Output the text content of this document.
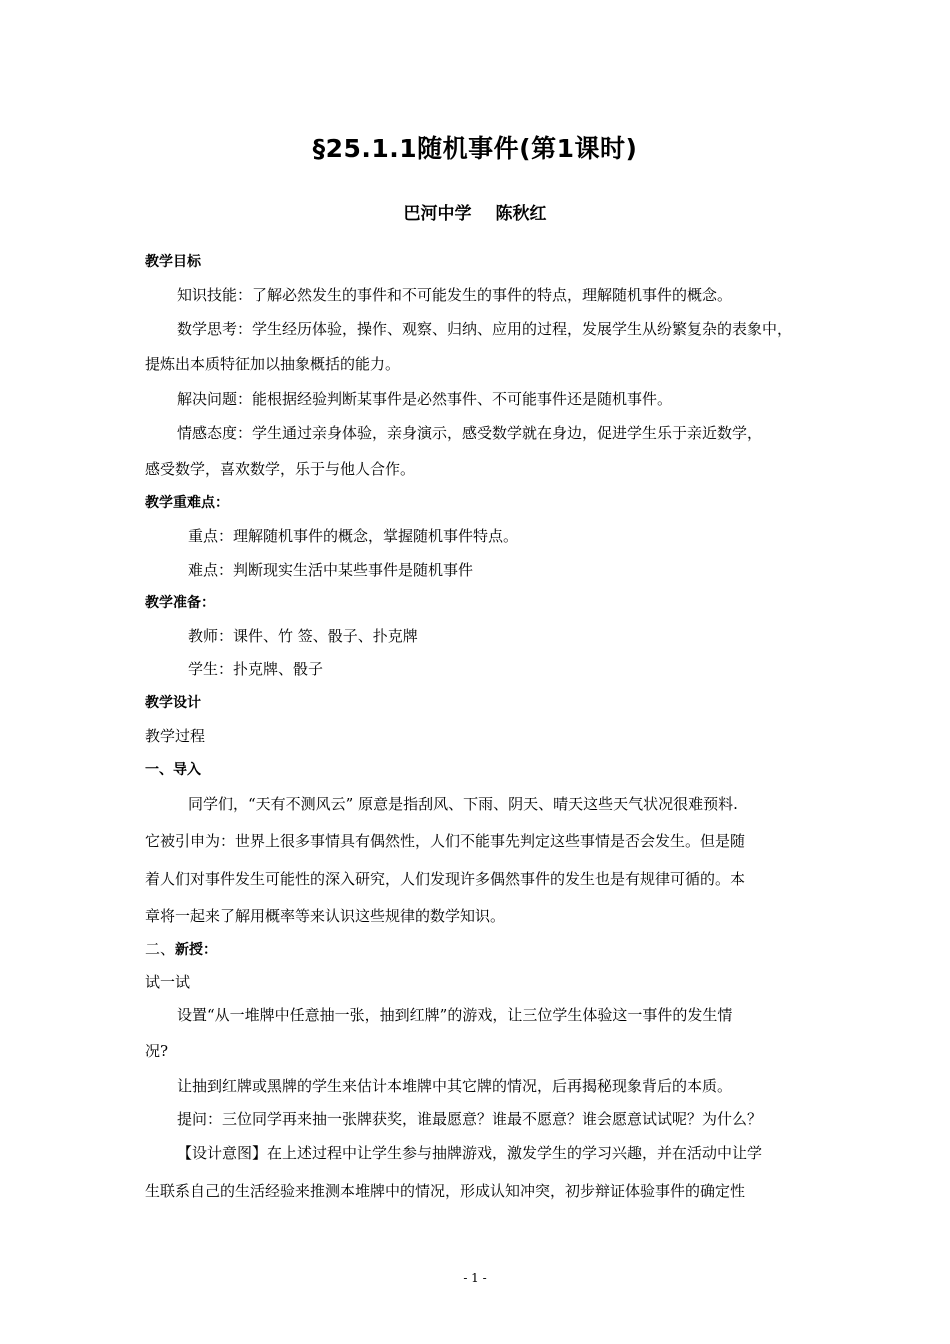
§25.1.1随机事件(第1课时)
巴河中学 陈秋红
教学目标
知识技能：了解必然发生的事件和不可能发生的事件的特点，理解随机事件的概念。
数学思考：学生经历体验，操作、观察、归纳、应用的过程，发展学生从纷繁复杂的表象中，
提炼出本质特征加以抽象概括的能力。
解决问题：能根据经验判断某事件是必然事件、不可能事件还是随机事件。
情感态度：学生通过亲身体验，亲身演示，感受数学就在身边，促进学生乐于亲近数学，
感受数学，喜欢数学，乐于与他人合作。
教学重难点：
重点：理解随机事件的概念，掌握随机事件特点。
难点：判断现实生活中某些事件是随机事件
教学准备：
教师：课件、竹 签、骰子、扑克牌
学生：扑克牌、骰子
教学设计
教学过程
一、导入
同学们，“天有不测风云” 原意是指刮风、下雨、阴天、晴天这些天气状况很难预料.
它被引申为：世界上很多事情具有偶然性，人们不能事先判定这些事情是否会发生。但是随
着人们对事件发生可能性的深入研究，人们发现许多偶然事件的发生也是有规律可循的。本
章将一起来了解用概率等来认识这些规律的数学知识。
二、新授：
试一试
设置“从一堆牌中任意抽一张，抽到红牌”的游戏，让三位学生体验这一事件的发生情
况?
让抽到红牌或黑牌的学生来估计本堆牌中其它牌的情况，后再揭秘现象背后的本质。
提问：三位同学再来抽一张牌获奖，谁最愿意？谁最不愿意？谁会愿意试试呢？为什么？
【设计意图】在上述过程中让学生参与抽牌游戏，激发学生的学习兴趣，并在活动中让学
生联系自己的生活经验来推测本堆牌中的情况，形成认知冲突，初步辩证体验事件的确定性
- 1 -
